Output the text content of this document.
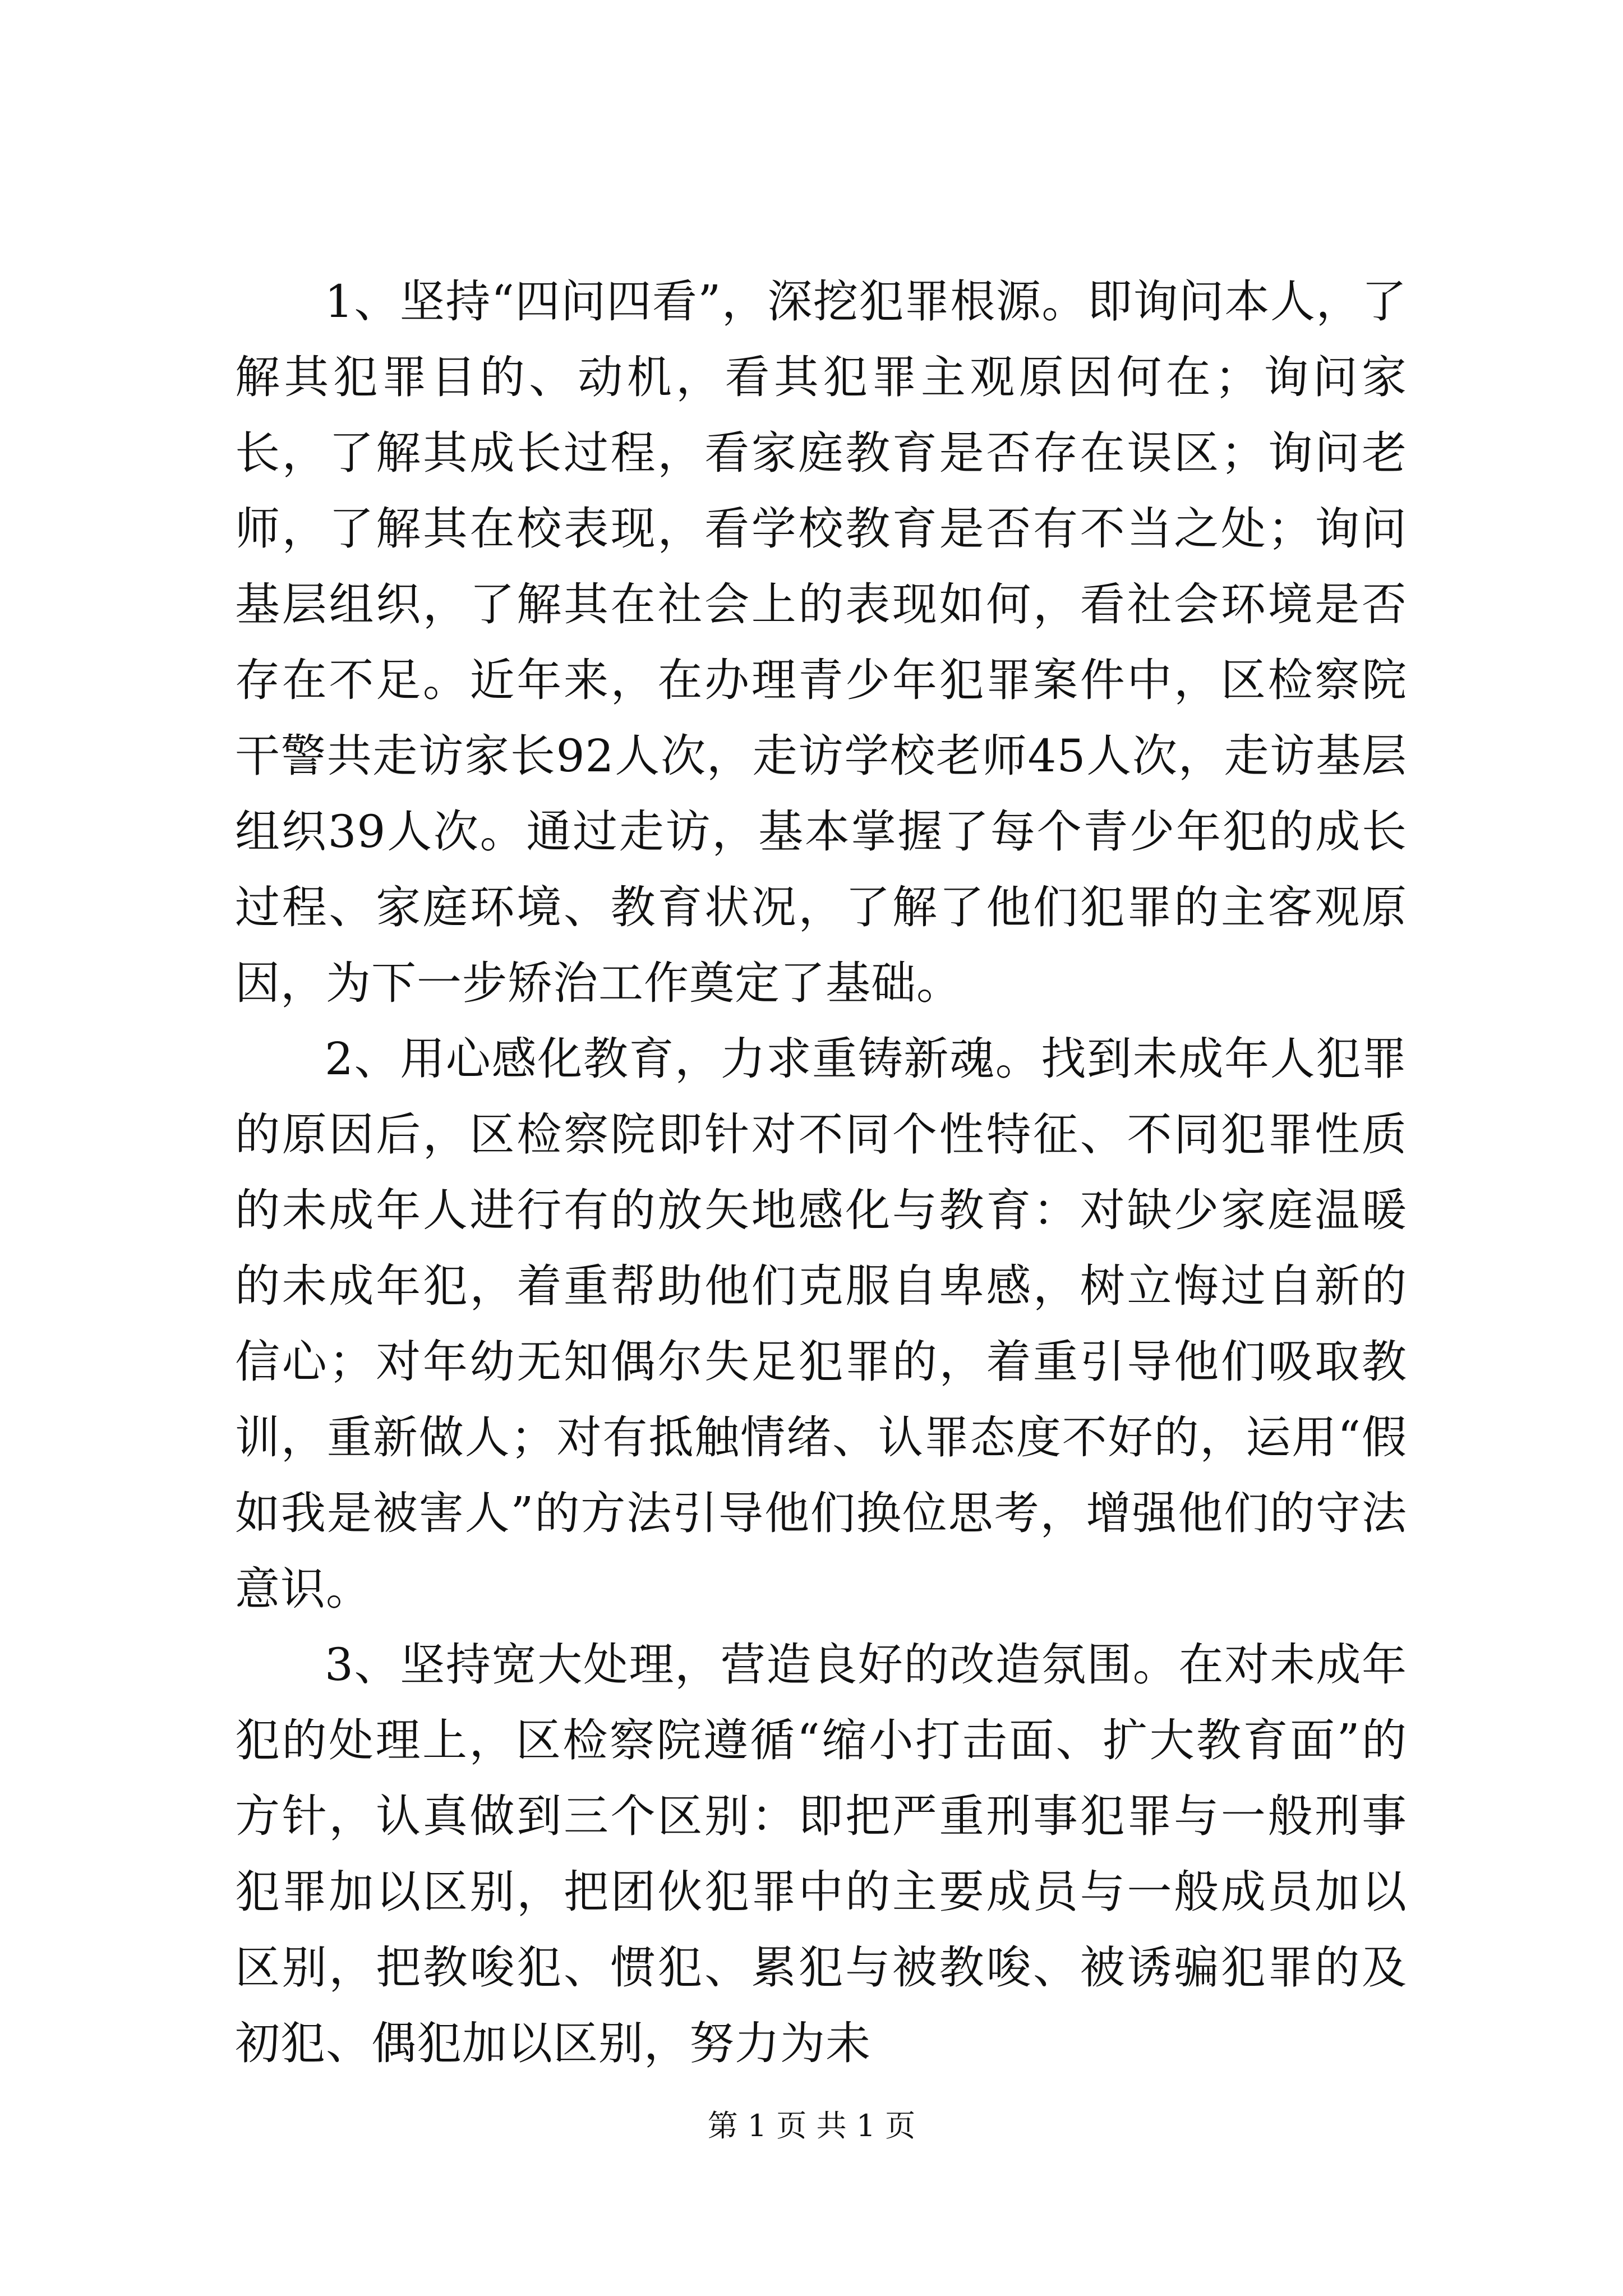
1、坚持“四问四看”，深挖犯罪根源。即询问本人，了解其犯罪目的、动机，看其犯罪主观原因何在；询问家长，了解其成长过程，看家庭教育是否存在误区；询问老师，了解其在校表现，看学校教育是否有不当之处；询问基层组织，了解其在社会上的表现如何，看社会环境是否存在不足。近年来，在办理青少年犯罪案件中，区检察院干警共走访家长92人次，走访学校老师45人次，走访基层组织39人次。通过走访，基本掌握了每个青少年犯的成长过程、家庭环境、教育状况，了解了他们犯罪的主客观原因，为下一步矫治工作奠定了基础。

2、用心感化教育，力求重铸新魂。找到未成年人犯罪的原因后，区检察院即针对不同个性特征、不同犯罪性质的未成年人进行有的放矢地感化与教育：对缺少家庭温暖的未成年犯，着重帮助他们克服自卑感，树立悔过自新的信心；对年幼无知偶尔失足犯罪的，着重引导他们吸取教训，重新做人；对有抵触情绪、认罪态度不好的，运用“假如我是被害人”的方法引导他们换位思考，增强他们的守法意识。

3、坚持宽大处理，营造良好的改造氛围。在对未成年犯的处理上，区检察院遵循“缩小打击面、扩大教育面”的方针，认真做到三个区别：即把严重刑事犯罪与一般刑事犯罪加以区别，把团伙犯罪中的主要成员与一般成员加以区别，把教唆犯、惯犯、累犯与被教唆、被诱骗犯罪的及初犯、偶犯加以区别，努力为未

第 1 页 共 1 页
